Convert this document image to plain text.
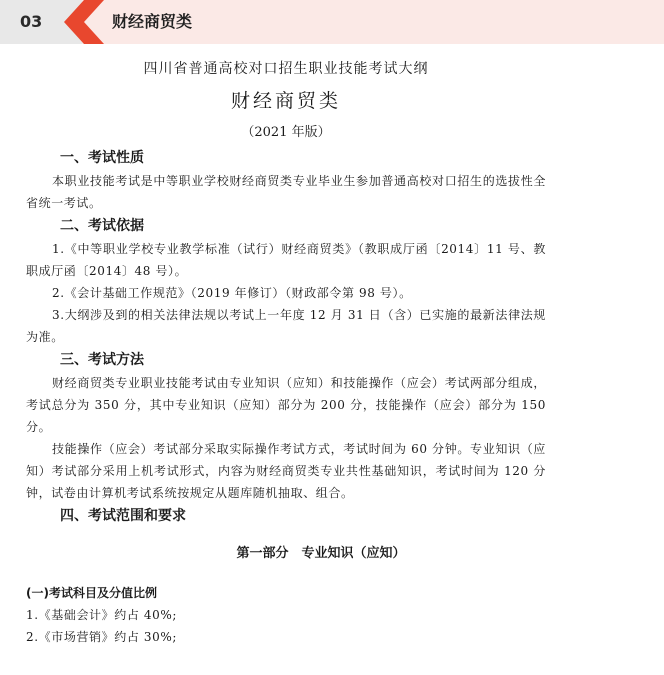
03	财经商贸类

四川省普通高校对口招生职业技能考试大纲

财经商贸类

（2021 年版）

一、考试性质

本职业技能考试是中等职业学校财经商贸类专业毕业生参加普通高校对口招生的选拔性全省统一考试。

二、考试依据

1.《中等职业学校专业教学标准（试行）财经商贸类》（教职成厅函〔2014〕11 号、教职成厅函〔2014〕48 号）。

2.《会计基础工作规范》（2019 年修订）（财政部令第 98 号）。

3.大纲涉及到的相关法律法规以考试上一年度 12 月 31 日（含）已实施的最新法律法规为准。

三、考试方法

财经商贸类专业职业技能考试由专业知识（应知）和技能操作（应会）考试两部分组成，考试总分为 350 分，其中专业知识（应知）部分为 200 分，技能操作（应会）部分为 150 分。

技能操作（应会）考试部分采取实际操作考试方式，考试时间为 60 分钟。专业知识（应知）考试部分采用上机考试形式，内容为财经商贸类专业共性基础知识，考试时间为 120 分钟，试卷由计算机考试系统按规定从题库随机抽取、组合。

四、考试范围和要求

第一部分　专业知识（应知）

(一)考试科目及分值比例

1.《基础会计》约占 40%;

2.《市场营销》约占 30%;
